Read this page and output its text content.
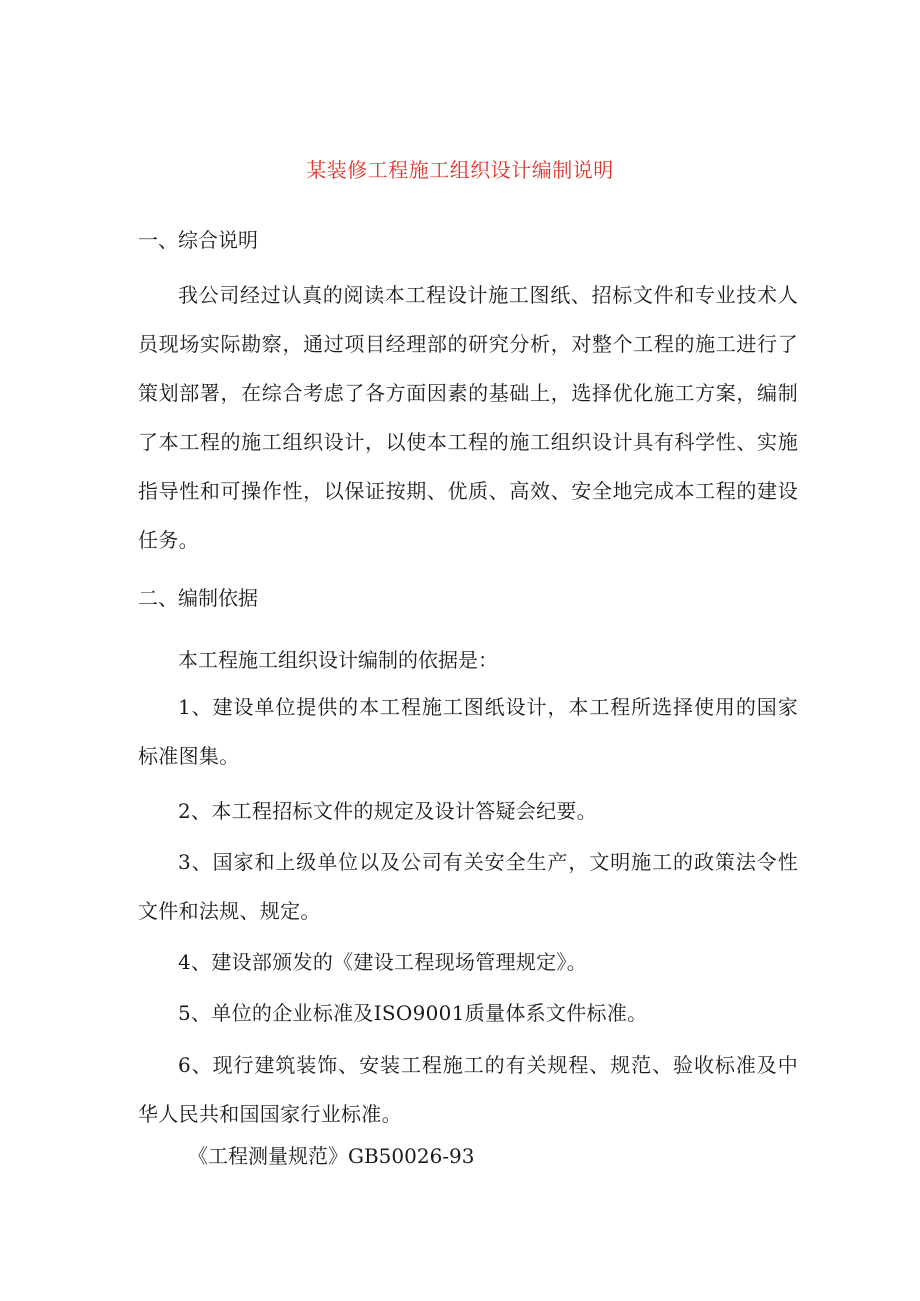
某装修工程施工组织设计编制说明
一、综合说明
我公司经过认真的阅读本工程设计施工图纸、招标文件和专业技术人员现场实际勘察，通过项目经理部的研究分析，对整个工程的施工进行了策划部署，在综合考虑了各方面因素的基础上，选择优化施工方案，编制了本工程的施工组织设计，以使本工程的施工组织设计具有科学性、实施指导性和可操作性，以保证按期、优质、高效、安全地完成本工程的建设任务。
二、编制依据
本工程施工组织设计编制的依据是：
1、建设单位提供的本工程施工图纸设计，本工程所选择使用的国家标准图集。
2、本工程招标文件的规定及设计答疑会纪要。
3、国家和上级单位以及公司有关安全生产，文明施工的政策法令性文件和法规、规定。
4、建设部颁发的《建设工程现场管理规定》。
5、单位的企业标准及ISO9001质量体系文件标准。
6、现行建筑装饰、安装工程施工的有关规程、规范、验收标准及中华人民共和国国家行业标准。
《工程测量规范》GB50026-93
